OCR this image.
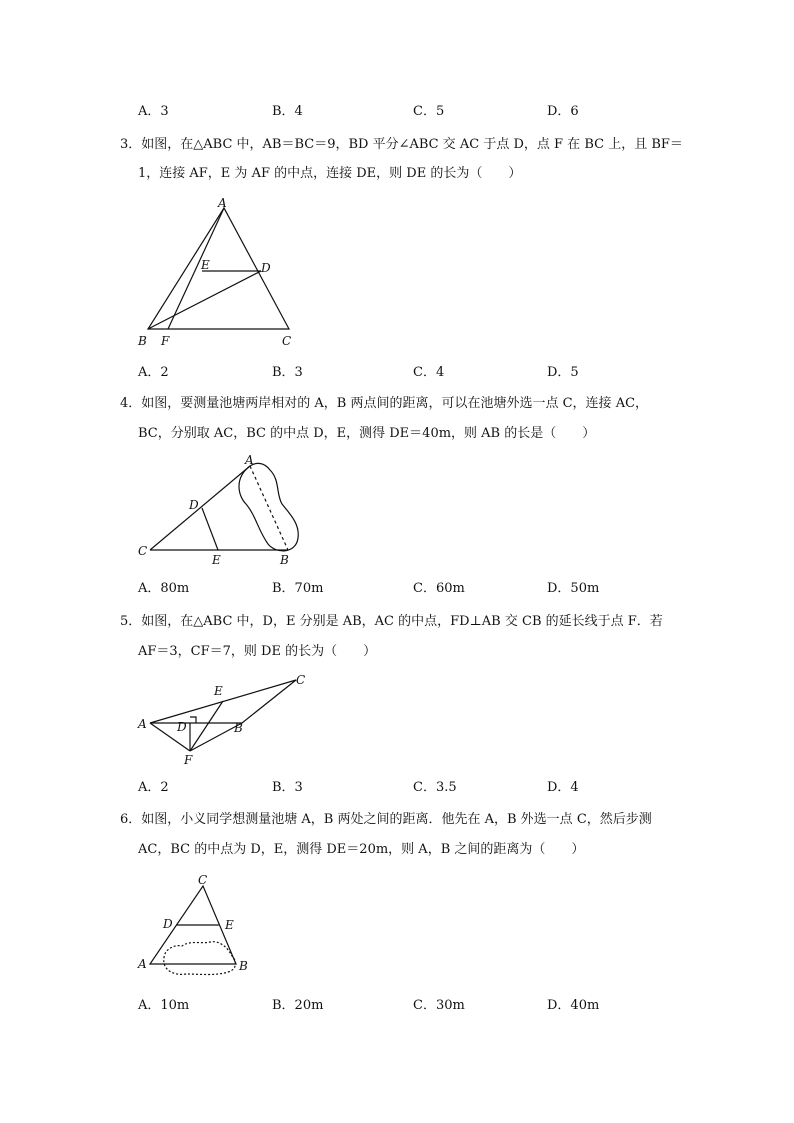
A．3	B．4	C．5	D．6
3．如图，在△ABC 中，AB＝BC＝9，BD 平分∠ABC 交 AC 于点 D，点 F 在 BC 上，且 BF＝
1，连接 AF，E 为 AF 的中点，连接 DE，则 DE 的长为（　　）
A
B	C
D
E
F
A．2	B．3	C．4	D．5
4．如图，要测量池塘两岸相对的 A，B 两点间的距离，可以在池塘外选一点 C，连接 AC，
BC，分别取 AC，BC 的中点 D，E，测得 DE＝40m，则 AB 的长是（　　）
A
B
C
D
E
A．80m	B．70m	C．60m	D．50m
5．如图，在△ABC 中，D，E 分别是 AB，AC 的中点，FD⊥AB 交 CB 的延长线于点 F．若
AF＝3，CF＝7，则 DE 的长为（　　）
A	B
C
D
E
F
A．2	B．3	C．3.5	D．4
6．如图，小义同学想测量池塘 A，B 两处之间的距离．他先在 A，B 外选一点 C，然后步测
AC，BC 的中点为 D，E，测得 DE＝20m，则 A，B 之间的距离为（　　）
A	B
C
D	E
A．10m	B．20m	C．30m	D．40m
